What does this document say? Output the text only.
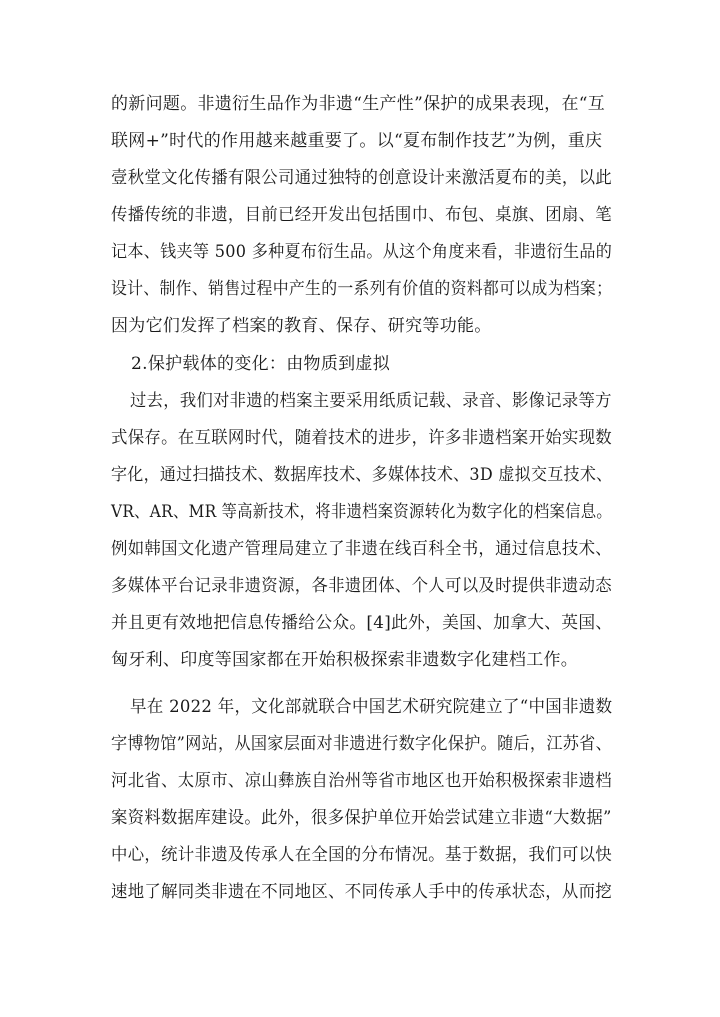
的新问题。非遗衍生品作为非遗“生产性”保护的成果表现，在“互
联网+”时代的作用越来越重要了。以“夏布制作技艺”为例，重庆
壹秋堂文化传播有限公司通过独特的创意设计来激活夏布的美，以此
传播传统的非遗，目前已经开发出包括围巾、布包、桌旗、团扇、笔
记本、钱夹等 500 多种夏布衍生品。从这个角度来看，非遗衍生品的
设计、制作、销售过程中产生的一系列有价值的资料都可以成为档案；
因为它们发挥了档案的教育、保存、研究等功能。
2.保护载体的变化：由物质到虚拟
过去，我们对非遗的档案主要采用纸质记载、录音、影像记录等方
式保存。在互联网时代，随着技术的进步，许多非遗档案开始实现数
字化，通过扫描技术、数据库技术、多媒体技术、3D 虚拟交互技术、
VR、AR、MR 等高新技术，将非遗档案资源转化为数字化的档案信息。
例如韩国文化遗产管理局建立了非遗在线百科全书，通过信息技术、
多媒体平台记录非遗资源，各非遗团体、个人可以及时提供非遗动态
并且更有效地把信息传播给公众。[4]此外，美国、加拿大、英国、
匈牙利、印度等国家都在开始积极探索非遗数字化建档工作。
早在 2022 年，文化部就联合中国艺术研究院建立了“中国非遗数
字博物馆”网站，从国家层面对非遗进行数字化保护。随后，江苏省、
河北省、太原市、凉山彝族自治州等省市地区也开始积极探索非遗档
案资料数据库建设。此外，很多保护单位开始尝试建立非遗“大数据”
中心，统计非遗及传承人在全国的分布情况。基于数据，我们可以快
速地了解同类非遗在不同地区、不同传承人手中的传承状态，从而挖
